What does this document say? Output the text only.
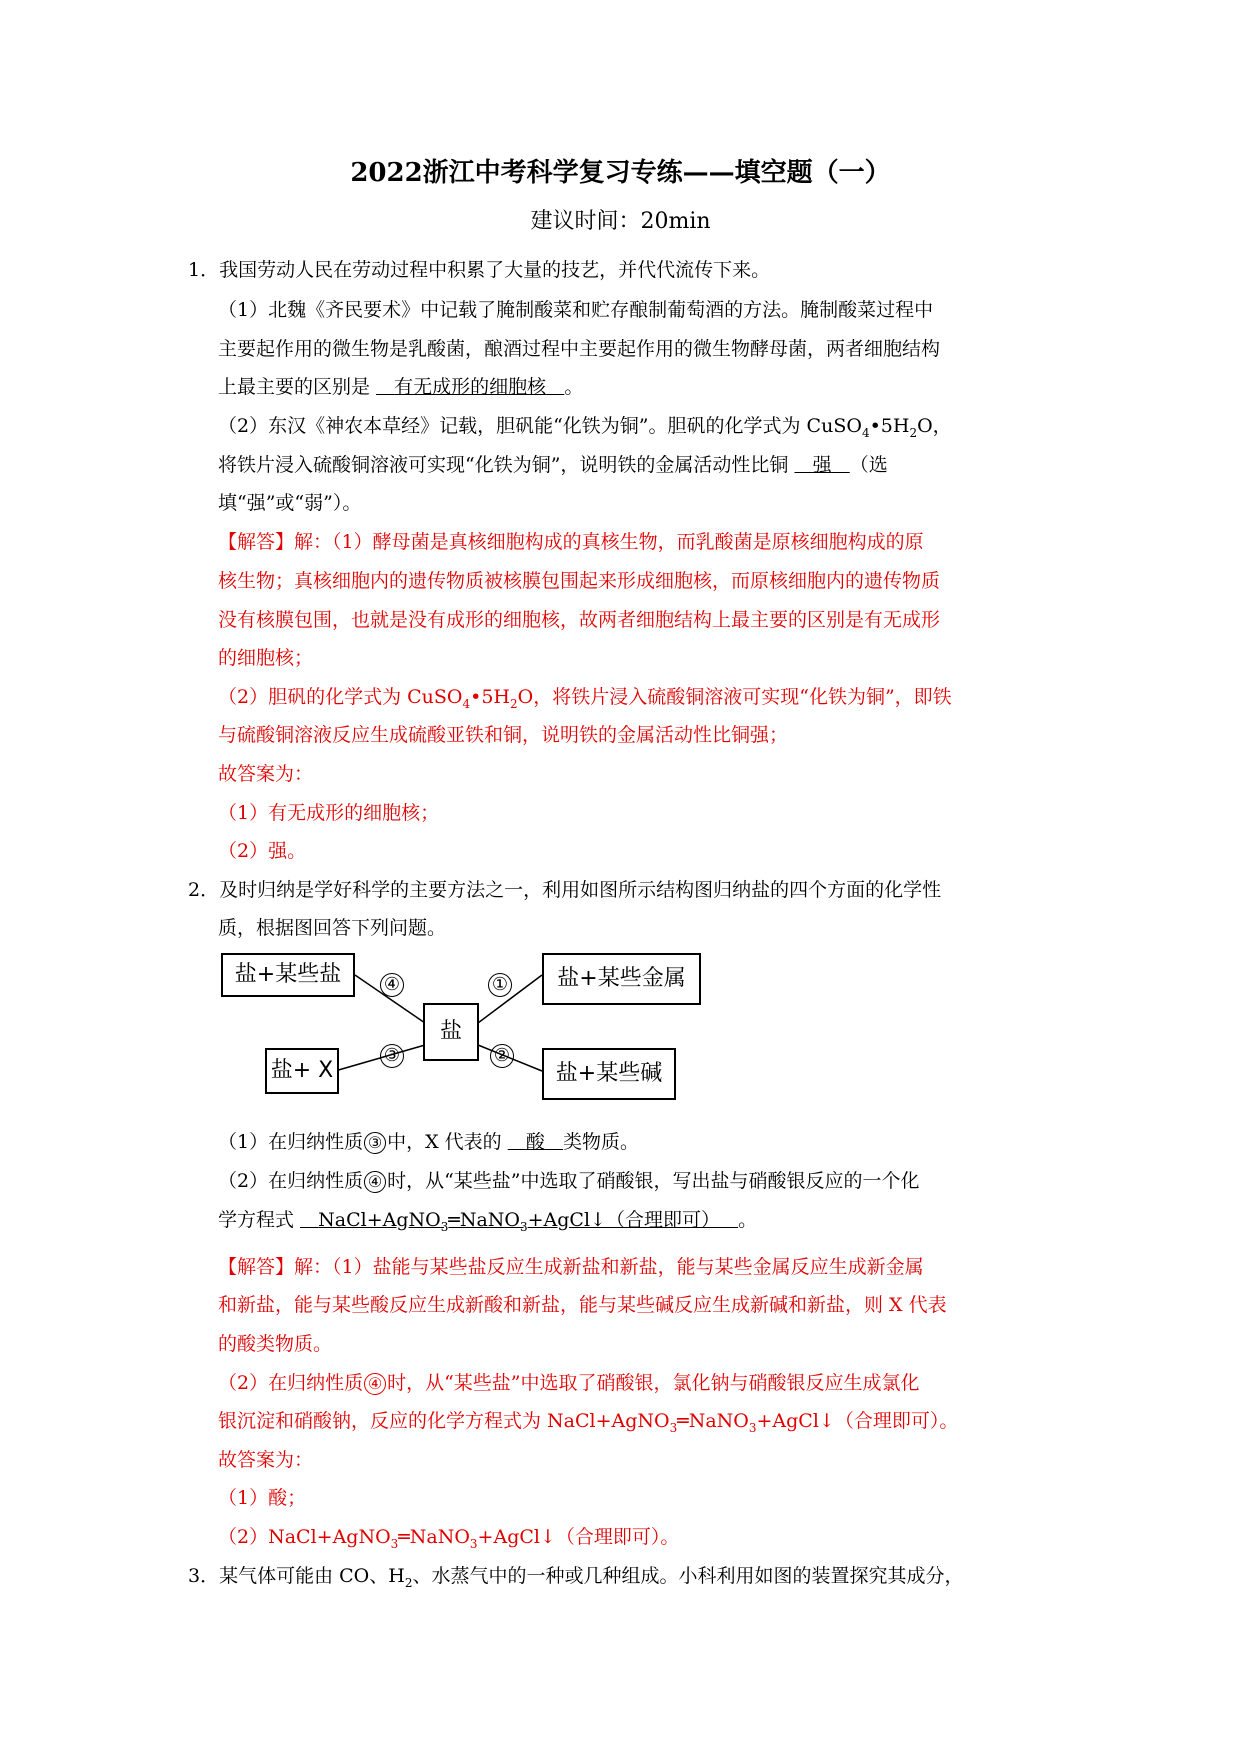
2022浙江中考科学复习专练——填空题（一）
建议时间：20min
1．我国劳动人民在劳动过程中积累了大量的技艺，并代代流传下来。
（1）北魏《齐民要术》中记载了腌制酸菜和贮存酿制葡萄酒的方法。腌制酸菜过程中
主要起作用的微生物是乳酸菌，酿酒过程中主要起作用的微生物酵母菌，两者细胞结构
上最主要的区别是    有无成形的细胞核 。
（2）东汉《神农本草经》记载，胆矾能“化铁为铜”。胆矾的化学式为 $CuSO_4•5H_2O$，
将铁片浸入硫酸铜溶液可实现“化铁为铜”，说明铁的金属活动性比铜    强 （选
填“强”或“弱”）。
【解答】解：（1）酵母菌是真核细胞构成的真核生物，而乳酸菌是原核细胞构成的原
核生物；真核细胞内的遗传物质被核膜包围起来形成细胞核，而原核细胞内的遗传物质
没有核膜包围，也就是没有成形的细胞核，故两者细胞结构上最主要的区别是有无成形
的细胞核；
（2）胆矾的化学式为 $CuSO_4•5H_2O$，将铁片浸入硫酸铜溶液可实现“化铁为铜”，即铁
与硫酸铜溶液反应生成硫酸亚铁和铜，说明铁的金属活动性比铜强；
故答案为：
（1）有无成形的细胞核；
（2）强。
2．及时归纳是学好科学的主要方法之一，利用如图所示结构图归纳盐的四个方面的化学性
质，根据图回答下列问题。
盐+某些盐
盐+ X
盐
盐+某些金属
盐+某些碱
④	①
③	②
（1）在归纳性质 ③ 中，X 代表的    酸 类物质。
（2）在归纳性质 ④ 时，从“某些盐”中选取了硝酸银，写出盐与硝酸银反应的一个化
学方程式    NaCl+AgNO$_3$═NaNO$_3$+AgCl↓（合理即可） 。
【解答】解：（1）盐能与某些盐反应生成新盐和新盐，能与某些金属反应生成新金属
和新盐，能与某些酸反应生成新酸和新盐，能与某些碱反应生成新碱和新盐，则 X 代表
的酸类物质。
（2）在归纳性质 ④ 时，从“某些盐”中选取了硝酸银，氯化钠与硝酸银反应生成氯化
银沉淀和硝酸钠，反应的化学方程式为 NaCl+AgNO$_3$═NaNO$_3$+AgCl↓（合理即可）。
故答案为：
（1）酸；
（2）NaCl+AgNO$_3$═NaNO$_3$+AgCl↓（合理即可）。
3．某气体可能由 CO、$H_2$、水蒸气中的一种或几种组成。小科利用如图的装置探究其成分，
